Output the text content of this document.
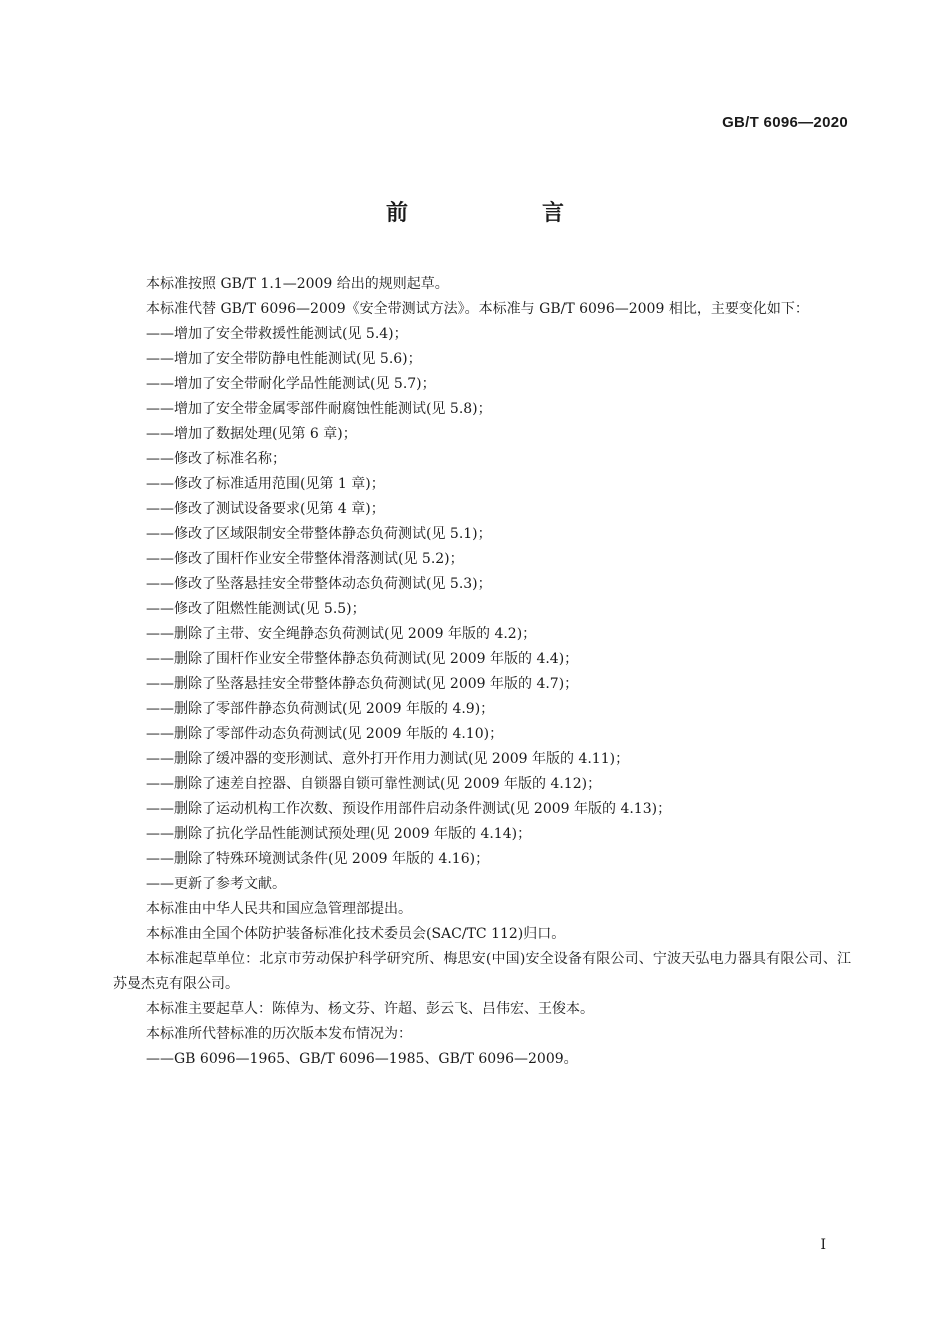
GB/T 6096—2020
前　言

本标准按照 GB/T 1.1—2009 给出的规则起草。

本标准代替 GB/T 6096—2009《安全带测试方法》。本标准与 GB/T 6096—2009 相比，主要变化如下：

——增加了安全带救援性能测试(见 5.4)；

——增加了安全带防静电性能测试(见 5.6)；

——增加了安全带耐化学品性能测试(见 5.7)；

——增加了安全带金属零部件耐腐蚀性能测试(见 5.8)；

——增加了数据处理(见第 6 章)；

——修改了标准名称；

——修改了标准适用范围(见第 1 章)；

——修改了测试设备要求(见第 4 章)；

——修改了区域限制安全带整体静态负荷测试(见 5.1)；

——修改了围杆作业安全带整体滑落测试(见 5.2)；

——修改了坠落悬挂安全带整体动态负荷测试(见 5.3)；

——修改了阻燃性能测试(见 5.5)；

——删除了主带、安全绳静态负荷测试(见 2009 年版的 4.2)；

——删除了围杆作业安全带整体静态负荷测试(见 2009 年版的 4.4)；

——删除了坠落悬挂安全带整体静态负荷测试(见 2009 年版的 4.7)；

——删除了零部件静态负荷测试(见 2009 年版的 4.9)；

——删除了零部件动态负荷测试(见 2009 年版的 4.10)；

——删除了缓冲器的变形测试、意外打开作用力测试(见 2009 年版的 4.11)；

——删除了速差自控器、自锁器自锁可靠性测试(见 2009 年版的 4.12)；

——删除了运动机构工作次数、预设作用部件启动条件测试(见 2009 年版的 4.13)；

——删除了抗化学品性能测试预处理(见 2009 年版的 4.14)；

——删除了特殊环境测试条件(见 2009 年版的 4.16)；

——更新了参考文献。

本标准由中华人民共和国应急管理部提出。

本标准由全国个体防护装备标准化技术委员会(SAC/TC 112)归口。

本标准起草单位：北京市劳动保护科学研究所、梅思安(中国)安全设备有限公司、宁波天弘电力器具有限公司、江苏曼杰克有限公司。

本标准主要起草人：陈倬为、杨文芬、许超、彭云飞、吕伟宏、王俊本。

本标准所代替标准的历次版本发布情况为：

——GB 6096—1965、GB/T 6096—1985、GB/T 6096—2009。

I
